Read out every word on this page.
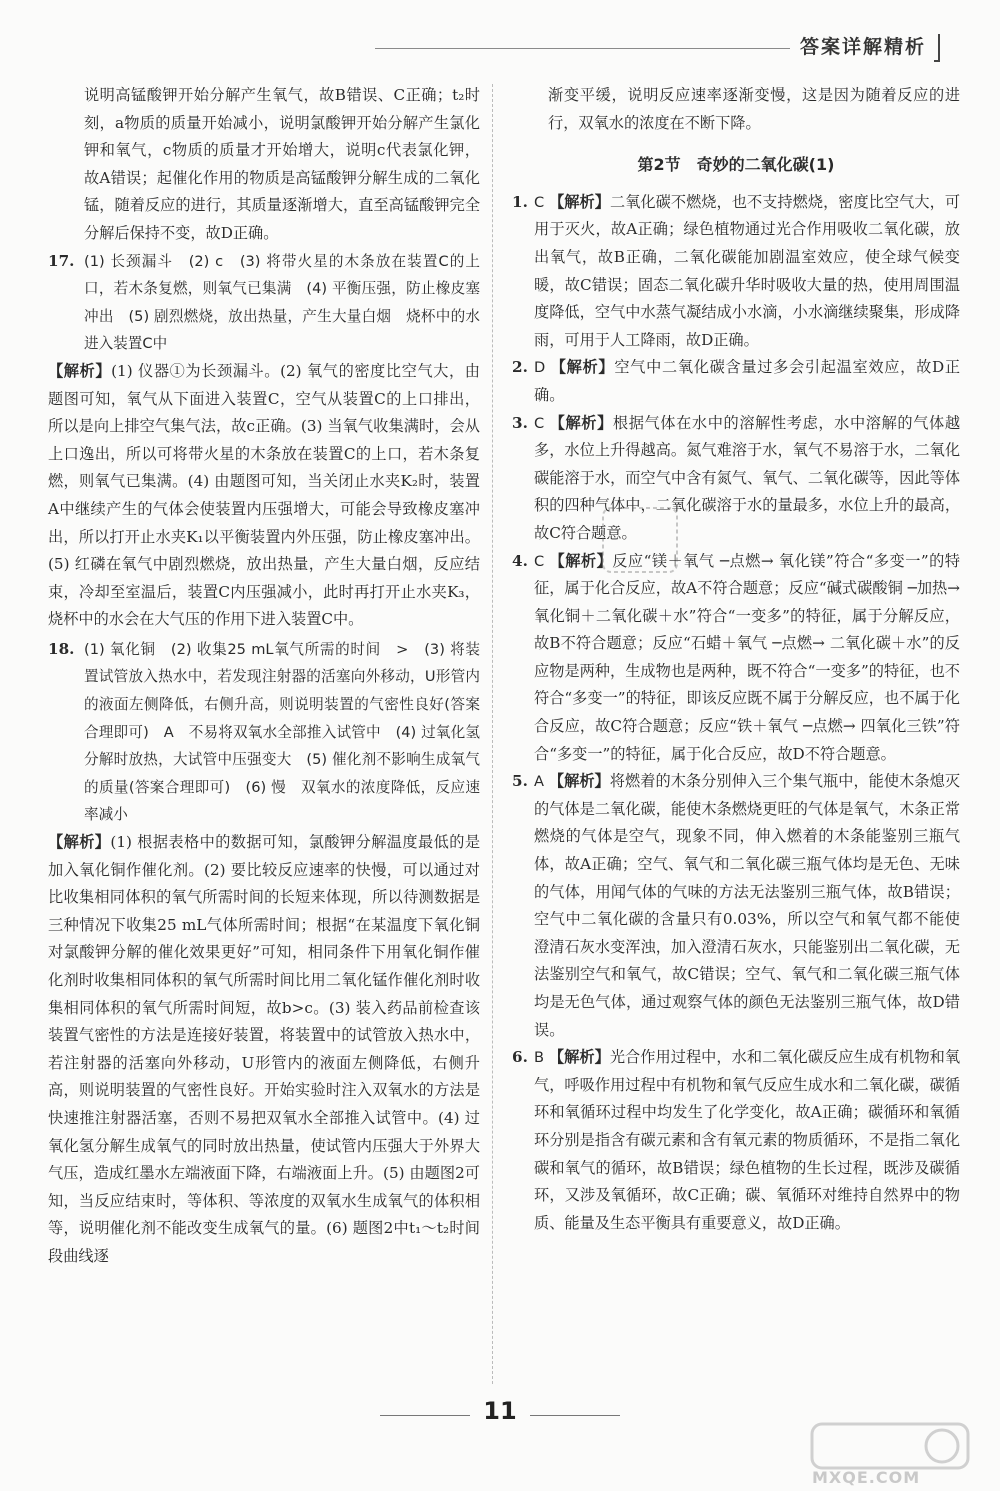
答案详解精析

说明高锰酸钾开始分解产生氧气，故B错误、C正确；t₂时刻，a物质的质量开始减小，说明氯酸钾开始分解产生氯化钾和氧气，c物质的质量才开始增大，说明c代表氯化钾，故A错误；起催化作用的物质是高锰酸钾分解生成的二氧化锰，随着反应的进行，其质量逐渐增大，直至高锰酸钾完全分解后保持不变，故D正确。

17. (1) 长颈漏斗　(2) c　(3) 将带火星的木条放在装置C的上口，若木条复燃，则氧气已集满　(4) 平衡压强，防止橡皮塞冲出　(5) 剧烈燃烧，放出热量，产生大量白烟　烧杯中的水进入装置C中

【解析】(1) 仪器①为长颈漏斗。(2) 氧气的密度比空气大，由题图可知，氧气从下面进入装置C，空气从装置C的上口排出，所以是向上排空气集气法，故c正确。(3) 当氧气收集满时，会从上口逸出，所以可将带火星的木条放在装置C的上口，若木条复燃，则氧气已集满。(4) 由题图可知，当关闭止水夹K₂时，装置A中继续产生的气体会使装置内压强增大，可能会导致橡皮塞冲出，所以打开止水夹K₁以平衡装置内外压强，防止橡皮塞冲出。(5) 红磷在氧气中剧烈燃烧，放出热量，产生大量白烟，反应结束，冷却至室温后，装置C内压强减小，此时再打开止水夹K₃，烧杯中的水会在大气压的作用下进入装置C中。

18. (1) 氧化铜　(2) 收集25 mL氧气所需的时间　>　(3) 将装置试管放入热水中，若发现注射器的活塞向外移动，U形管内的液面左侧降低，右侧升高，则说明装置的气密性良好(答案合理即可)　A　不易将双氧水全部推入试管中　(4) 过氧化氢分解时放热，大试管中压强变大　(5) 催化剂不影响生成氧气的质量(答案合理即可)　(6) 慢　双氧水的浓度降低，反应速率减小

【解析】(1) 根据表格中的数据可知，氯酸钾分解温度最低的是加入氧化铜作催化剂。(2) 要比较反应速率的快慢，可以通过对比收集相同体积的氧气所需时间的长短来体现，所以待测数据是三种情况下收集25 mL气体所需时间；根据“在某温度下氧化铜对氯酸钾分解的催化效果更好”可知，相同条件下用氧化铜作催化剂时收集相同体积的氧气所需时间比用二氧化锰作催化剂时收集相同体积的氧气所需时间短，故b>c。(3) 装入药品前检查该装置气密性的方法是连接好装置，将装置中的试管放入热水中，若注射器的活塞向外移动，U形管内的液面左侧降低，右侧升高，则说明装置的气密性良好。开始实验时注入双氧水的方法是快速推注射器活塞，否则不易把双氧水全部推入试管中。(4) 过氧化氢分解生成氧气的同时放出热量，使试管内压强大于外界大气压，造成红墨水左端液面下降，右端液面上升。(5) 由题图2可知，当反应结束时，等体积、等浓度的双氧水生成氧气的体积相等，说明催化剂不能改变生成氧气的量。(6) 题图2中t₁～t₂时间段曲线逐

渐变平缓，说明反应速率逐渐变慢，这是因为随着反应的进行，双氧水的浓度在不断下降。

第2节　奇妙的二氧化碳(1)
1. C 【解析】二氧化碳不燃烧，也不支持燃烧，密度比空气大，可用于灭火，故A正确；绿色植物通过光合作用吸收二氧化碳，放出氧气，故B正确，二氧化碳能加剧温室效应，使全球气候变暖，故C错误；固态二氧化碳升华时吸收大量的热，使用周围温度降低，空气中水蒸气凝结成小水滴，小水滴继续聚集，形成降雨，可用于人工降雨，故D正确。

2. D 【解析】空气中二氧化碳含量过多会引起温室效应，故D正确。

3. C 【解析】根据气体在水中的溶解性考虑，水中溶解的气体越多，水位上升得越高。氮气难溶于水，氧气不易溶于水，二氧化碳能溶于水，而空气中含有氮气、氧气、二氧化碳等，因此等体积的四种气体中，二氧化碳溶于水的量最多，水位上升的最高，故C符合题意。

4. C 【解析】反应“镁＋氧气 ─点燃→ 氧化镁”符合“多变一”的特征，属于化合反应，故A不符合题意；反应“碱式碳酸铜 ─加热→ 氧化铜＋二氧化碳＋水”符合“一变多”的特征，属于分解反应，故B不符合题意；反应“石蜡＋氧气 ─点燃→ 二氧化碳＋水”的反应物是两种，生成物也是两种，既不符合“一变多”的特征，也不符合“多变一”的特征，即该反应既不属于分解反应，也不属于化合反应，故C符合题意；反应“铁＋氧气 ─点燃→ 四氧化三铁”符合“多变一”的特征，属于化合反应，故D不符合题意。

5. A 【解析】将燃着的木条分别伸入三个集气瓶中，能使木条熄灭的气体是二氧化碳，能使木条燃烧更旺的气体是氧气，木条正常燃烧的气体是空气，现象不同，伸入燃着的木条能鉴别三瓶气体，故A正确；空气、氧气和二氧化碳三瓶气体均是无色、无味的气体，用闻气体的气味的方法无法鉴别三瓶气体，故B错误；空气中二氧化碳的含量只有0.03%，所以空气和氧气都不能使澄清石灰水变浑浊，加入澄清石灰水，只能鉴别出二氧化碳，无法鉴别空气和氧气，故C错误；空气、氧气和二氧化碳三瓶气体均是无色气体，通过观察气体的颜色无法鉴别三瓶气体，故D错误。

6. B 【解析】光合作用过程中，水和二氧化碳反应生成有机物和氧气，呼吸作用过程中有机物和氧气反应生成水和二氧化碳，碳循环和氧循环过程中均发生了化学变化，故A正确；碳循环和氧循环分别是指含有碳元素和含有氧元素的物质循环，不是指二氧化碳和氧气的循环，故B错误；绿色植物的生长过程，既涉及碳循环，又涉及氧循环，故C正确；碳、氧循环对维持自然界中的物质、能量及生态平衡具有重要意义，故D正确。

11
MXQE.COM
